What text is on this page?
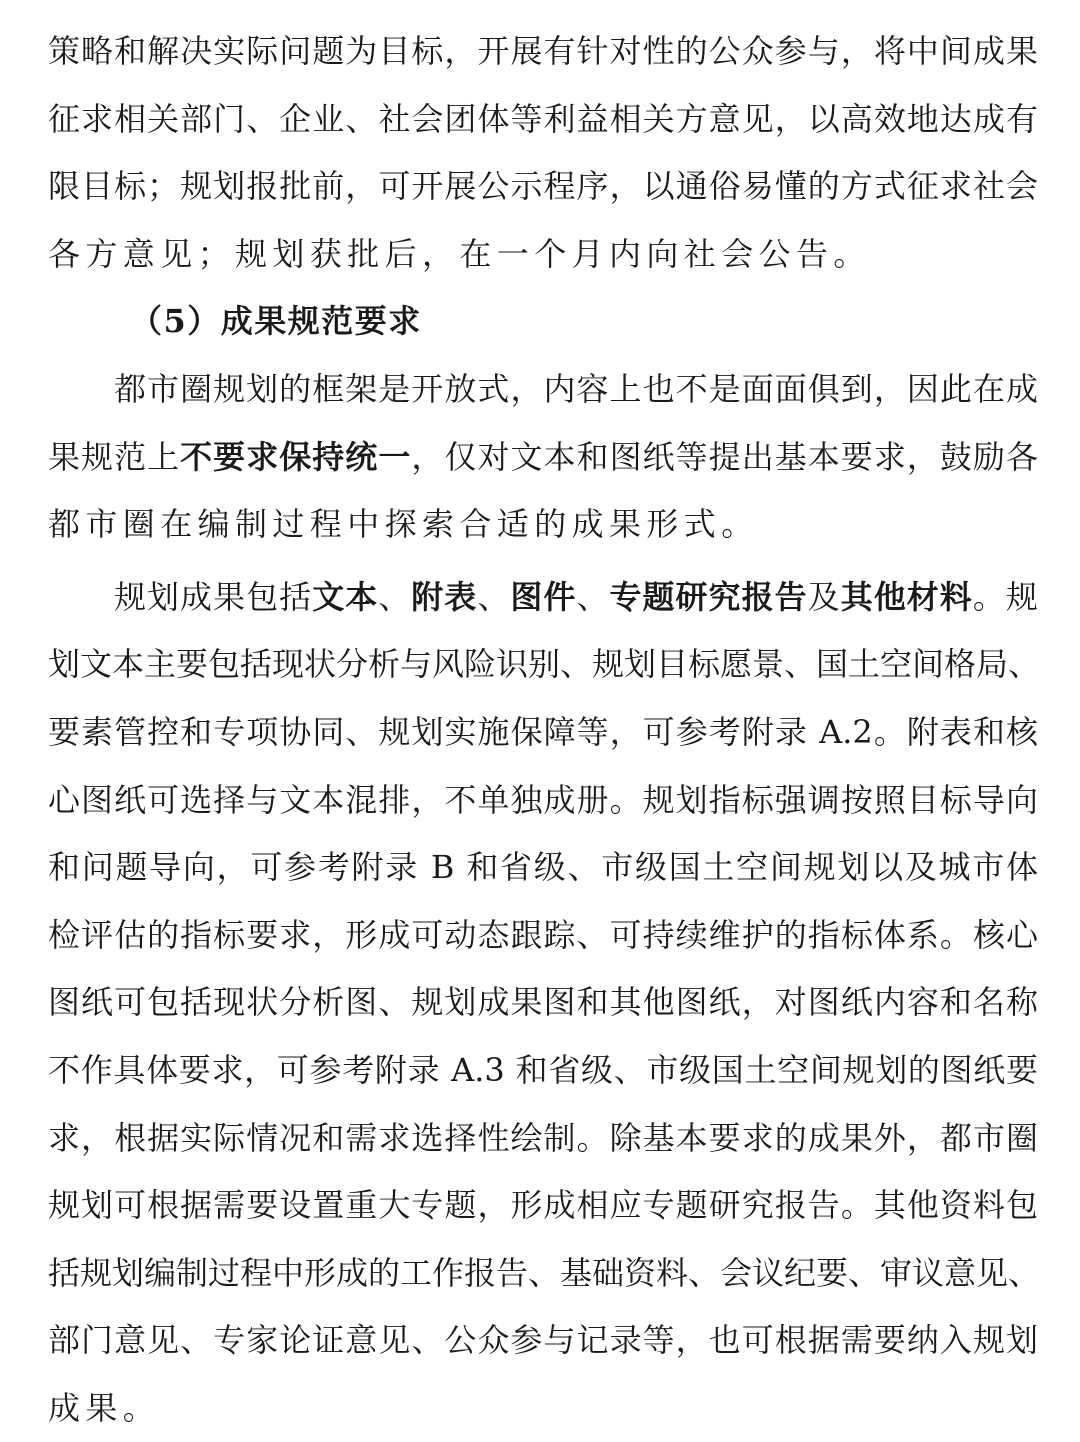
策略和解决实际问题为目标，开展有针对性的公众参与，将中间成果
征求相关部门、企业、社会团体等利益相关方意见，以高效地达成有
限目标；规划报批前，可开展公示程序，以通俗易懂的方式征求社会
各方意见；规划获批后，在一个月内向社会公告。
（5）成果规范要求
都市圈规划的框架是开放式，内容上也不是面面俱到，因此在成
果规范上不要求保持统一，仅对文本和图纸等提出基本要求，鼓励各
都市圈在编制过程中探索合适的成果形式。
规划成果包括文本、附表、图件、专题研究报告及其他材料。规
划文本主要包括现状分析与风险识别、规划目标愿景、国土空间格局、
要素管控和专项协同、规划实施保障等，可参考附录 A.2。附表和核
心图纸可选择与文本混排，不单独成册。规划指标强调按照目标导向
和问题导向，可参考附录 B 和省级、市级国土空间规划以及城市体
检评估的指标要求，形成可动态跟踪、可持续维护的指标体系。核心
图纸可包括现状分析图、规划成果图和其他图纸，对图纸内容和名称
不作具体要求，可参考附录 A.3 和省级、市级国土空间规划的图纸要
求，根据实际情况和需求选择性绘制。除基本要求的成果外，都市圈
规划可根据需要设置重大专题，形成相应专题研究报告。其他资料包
括规划编制过程中形成的工作报告、基础资料、会议纪要、审议意见、
部门意见、专家论证意见、公众参与记录等，也可根据需要纳入规划
成果。
